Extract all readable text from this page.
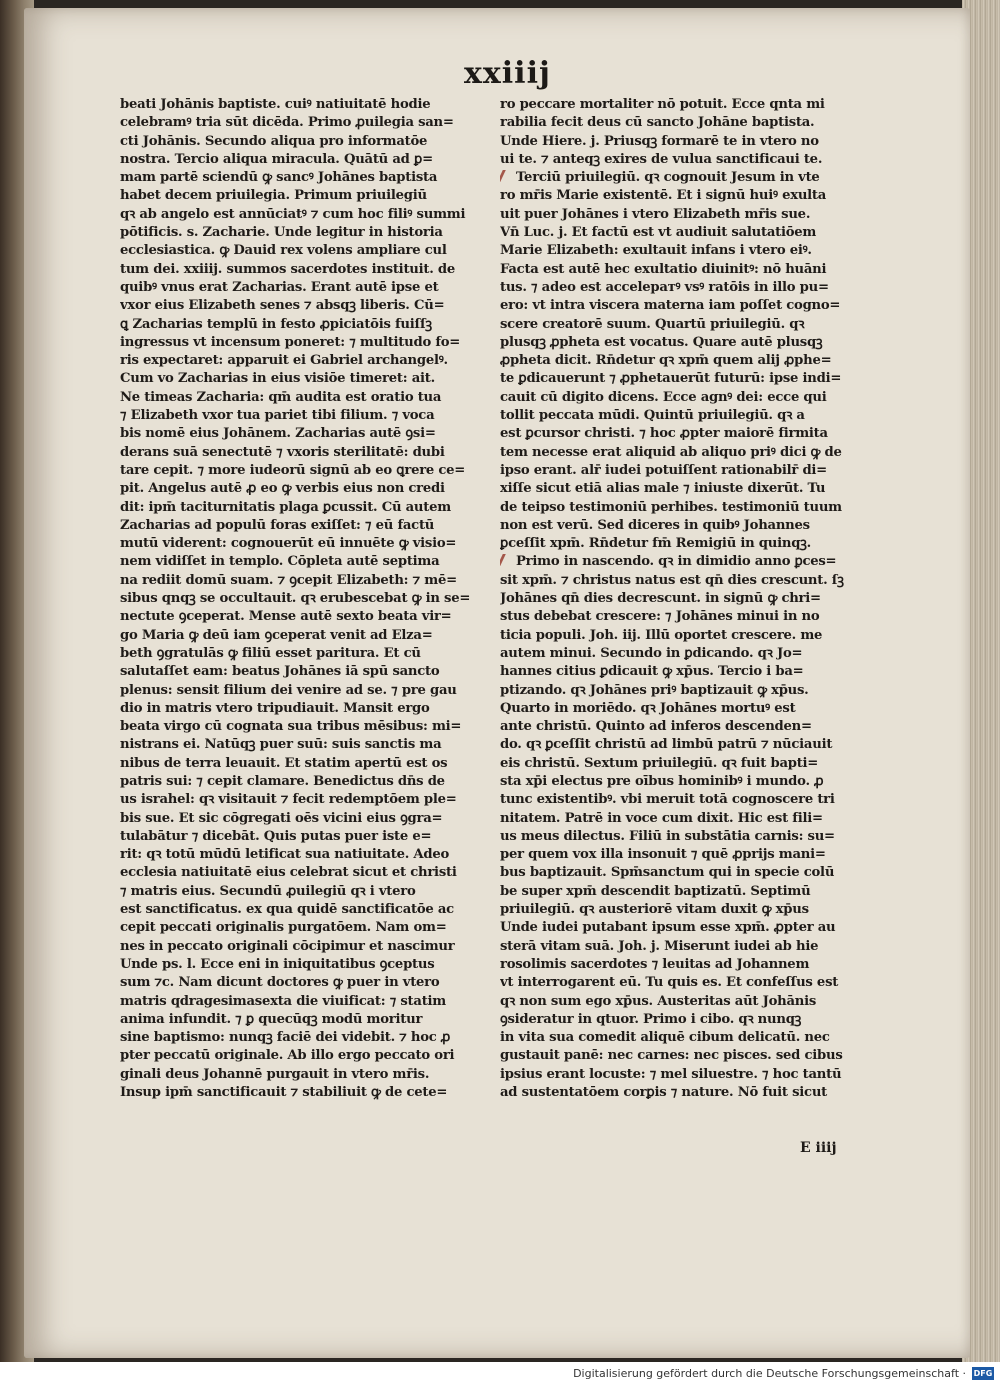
xxiiij
beati Johānis baptiste. cuiꝰ natiuitatē hodie
celebramꝰ tria sūt dicēda. Primo ꝓuilegia san=
cti Johānis. Secundo aliqua pro informatōe
nostra. Tercio aliqua miracula. Quātū ad ꝑ=
mam partē sciendū ꝙ sancꝰ Johānes baptista
habet decem priuilegia. Primum priuilegiū
qꝛ ab angelo est annūciatꝰ ⁊ cum hoc filiꝰ summi
pōtificis. s. Zacharie. Unde legitur in historia
ecclesiastica. ꝙ Dauid rex volens ampliare cul
tum dei. xxiiij. summos sacerdotes instituit. de
quibꝰ vnus erat Zacharias. Erant autē ipse et
vxor eius Elizabeth senes ⁊ absqꝫ liberis. Cū=
ꝗ Zacharias templū in festo ꝓpiciatōis fuiſſꝫ
ingressus vt incensum poneret: ⁊ multitudo fo=
ris expectaret: apparuit ei Gabriel archangelꝰ.
Cum vo Zacharias in eius visiōe timeret: ait.
Ne timeas Zacharia: qm̄ audita est oratio tua
⁊ Elizabeth vxor tua pariet tibi filium. ⁊ voca
bis nomē eius Johānem. Zacharias autē ꝯsi=
derans suā senectutē ⁊ vxoris sterilitatē: dubi
tare cepit. ⁊ more iudeorū signū ab eo ꝗrere ce=
pit. Angelus autē ꝓ eo ꝙ verbis eius non credi
dit: ipm̄ taciturnitatis plaga ꝑcussit. Cū autem
Zacharias ad populū foras exiſſet: ⁊ eū factū
mutū viderent: cognouerūt eū innuēte ꝙ visio=
nem vidiſſet in templo. Cōpleta autē septima
na rediit domū suam. ⁊ ꝯcepit Elizabeth: ⁊ mē=
sibus qnqꝫ se occultauit. qꝛ erubescebat ꝙ in se=
nectute ꝯceperat. Mense autē sexto beata vir=
go Maria ꝙ deū iam ꝯceperat venit ad Elza=
beth ꝯgratulās ꝙ filiū esset paritura. Et cū
salutaſſet eam: beatus Johānes iā spū sancto
plenus: sensit filium dei venire ad se. ⁊ pre gau
dio in matris vtero tripudiauit. Mansit ergo
beata virgo cū cognata sua tribus mēsibus: mi=
nistrans ei. Natūqꝫ puer suū: suis sanctis ma
nibus de terra leuauit. Et statim apertū est os
patris sui: ⁊ cepit clamare. Benedictus dn̄s de
us israhel: qꝛ visitauit ⁊ fecit redemptōem ple=
bis sue. Et sic cōgregati oēs vicini eius ꝯgra=
tulabātur ⁊ dicebāt. Quis putas puer iste e=
rit: qꝛ totū mūdū letificat sua natiuitate. Adeo
ecclesia natiuitatē eius celebrat sicut et christi
⁊ matris eius. Secundū ꝓuilegiū qꝛ i vtero
est sanctificatus. ex qua quidē sanctificatōe ac
cepit peccati originalis purgatōem. Nam om=
nes in peccato originali cōcipimur et nascimur
Unde ps. l. Ecce eni in iniquitatibus ꝯceptus
sum ⁊c. Nam dicunt doctores ꝙ puer in vtero
matris qdragesimasexta die viuificat: ⁊ statim
anima infundit. ⁊ ꝑ quecūqꝫ modū moritur
sine baptismo: nunqꝫ faciē dei videbit. ⁊ hoc ꝓ
pter peccatū originale. Ab illo ergo peccato ori
ginali deus Johannē purgauit in vtero mr̄is.
Insup ipm̄ sanctificauit ⁊ stabiliuit ꝙ de cete=
ro peccare mortaliter nō potuit. Ecce qnta mi
rabilia fecit deus cū sancto Johāne baptista.
Unde Hiere. j. Priusqꝫ formarē te in vtero no
ui te. ⁊ anteqꝫ exires de vulua sanctificaui te.
Terciū priuilegiū. qꝛ cognouit Jesum in vte
ro mr̄is Marie existentē. Et i signū huiꝰ exulta
uit puer Johānes i vtero Elizabeth mr̄is sue.
Vn̄ Luc. j. Et factū est vt audiuit salutatiōem
Marie Elizabeth: exultauit infans i vtero eiꝰ.
Facta est autē hec exultatio diuinitꝰ: nō huāni
tus. ⁊ adeo est accelератꝰ vsꝰ ratōis in illo pu=
ero: vt intra viscera materna iam poſſet cogno=
scere creatorē suum. Quartū priuilegiū. qꝛ
plusqꝫ ꝓpheta est vocatus. Quare autē plusqꝫ
ꝓpheta dicit. Rn̄detur qꝛ xpm̄ quem alij ꝓphe=
te ꝑdicauerunt ⁊ ꝓphetauerūt futurū: ipse indi=
cauit cū digito dicens. Ecce agnꝰ dei: ecce qui
tollit peccata mūdi. Quintū priuilegiū. qꝛ a
est ꝑcursor christi. ⁊ hoc ꝓpter maiorē firmita
tem necesse erat aliquid ab aliquo priꝰ dici ꝙ de
ipso erant. alr̄ iudei potuiſſent rationabilr̄ di=
xiſſe sicut etiā alias male ⁊ iniuste dixerūt. Tu
de teipso testimoniū perhibes. testimoniū tuum
non est verū. Sed diceres in quibꝰ Johannes
ꝑceſſit xpm̄. Rn̄detur fm̄ Remigiū in quinqꝫ.
Primo in nascendo. qꝛ in dimidio anno ꝑces=
sit xpm̄. ⁊ christus natus est qn̄ dies crescunt. ſꝫ
Johānes qn̄ dies decrescunt. in signū ꝙ chri=
stus debebat crescere: ⁊ Johānes minui in no
ticia populi. Joh. iij. Illū oportet crescere. me
autem minui. Secundo in ꝑdicando. qꝛ Jo=
hannes citius ꝑdicauit ꝙ xp̄us. Tercio i ba=
ptizando. qꝛ Johānes priꝰ baptizauit ꝙ xp̄us.
Quarto in moriēdo. qꝛ Johānes mortuꝰ est
ante christū. Quinto ad inferos descenden=
do. qꝛ ꝑceſſit christū ad limbū patrū ⁊ nūciauit
eis christū. Sextum priuilegiū. qꝛ fuit bapti=
sta xp̄i electus pre oībus hominibꝰ i mundo. ꝓ
tunc existentibꝰ. vbi meruit totā cognoscere tri
nitatem. Patrē in voce cum dixit. Hic est fili=
us meus dilectus. Filiū in substātia carnis: su=
per quem vox illa insonuit ⁊ quē ꝓprijs mani=
bus baptizauit. Spm̄sanctum qui in specie colū
be super xpm̄ descendit baptizatū. Septimū
priuilegiū. qꝛ austeriorē vitam duxit ꝙ xp̄us
Unde iudei putabant ipsum esse xpm̄. ꝓpter au
sterā vitam suā. Joh. j. Miserunt iudei ab hie
rosolimis sacerdotes ⁊ leuitas ad Johannem
vt interrogarent eū. Tu quis es. Et confeſſus est
qꝛ non sum ego xp̄us. Austeritas aūt Johānis
ꝯsideratur in qtuor. Primo i cibo. qꝛ nunqꝫ
in vita sua comedit aliquē cibum delicatū. nec
gustauit panē: nec carnes: nec pisces. sed cibus
ipsius erant locuste: ⁊ mel siluestre. ⁊ hoc tantū
ad sustentatōem corꝑis ⁊ nature. Nō fuit sicut
E iiij
Digitalisierung gefördert durch die Deutsche Forschungsgemeinschaft · DFG
